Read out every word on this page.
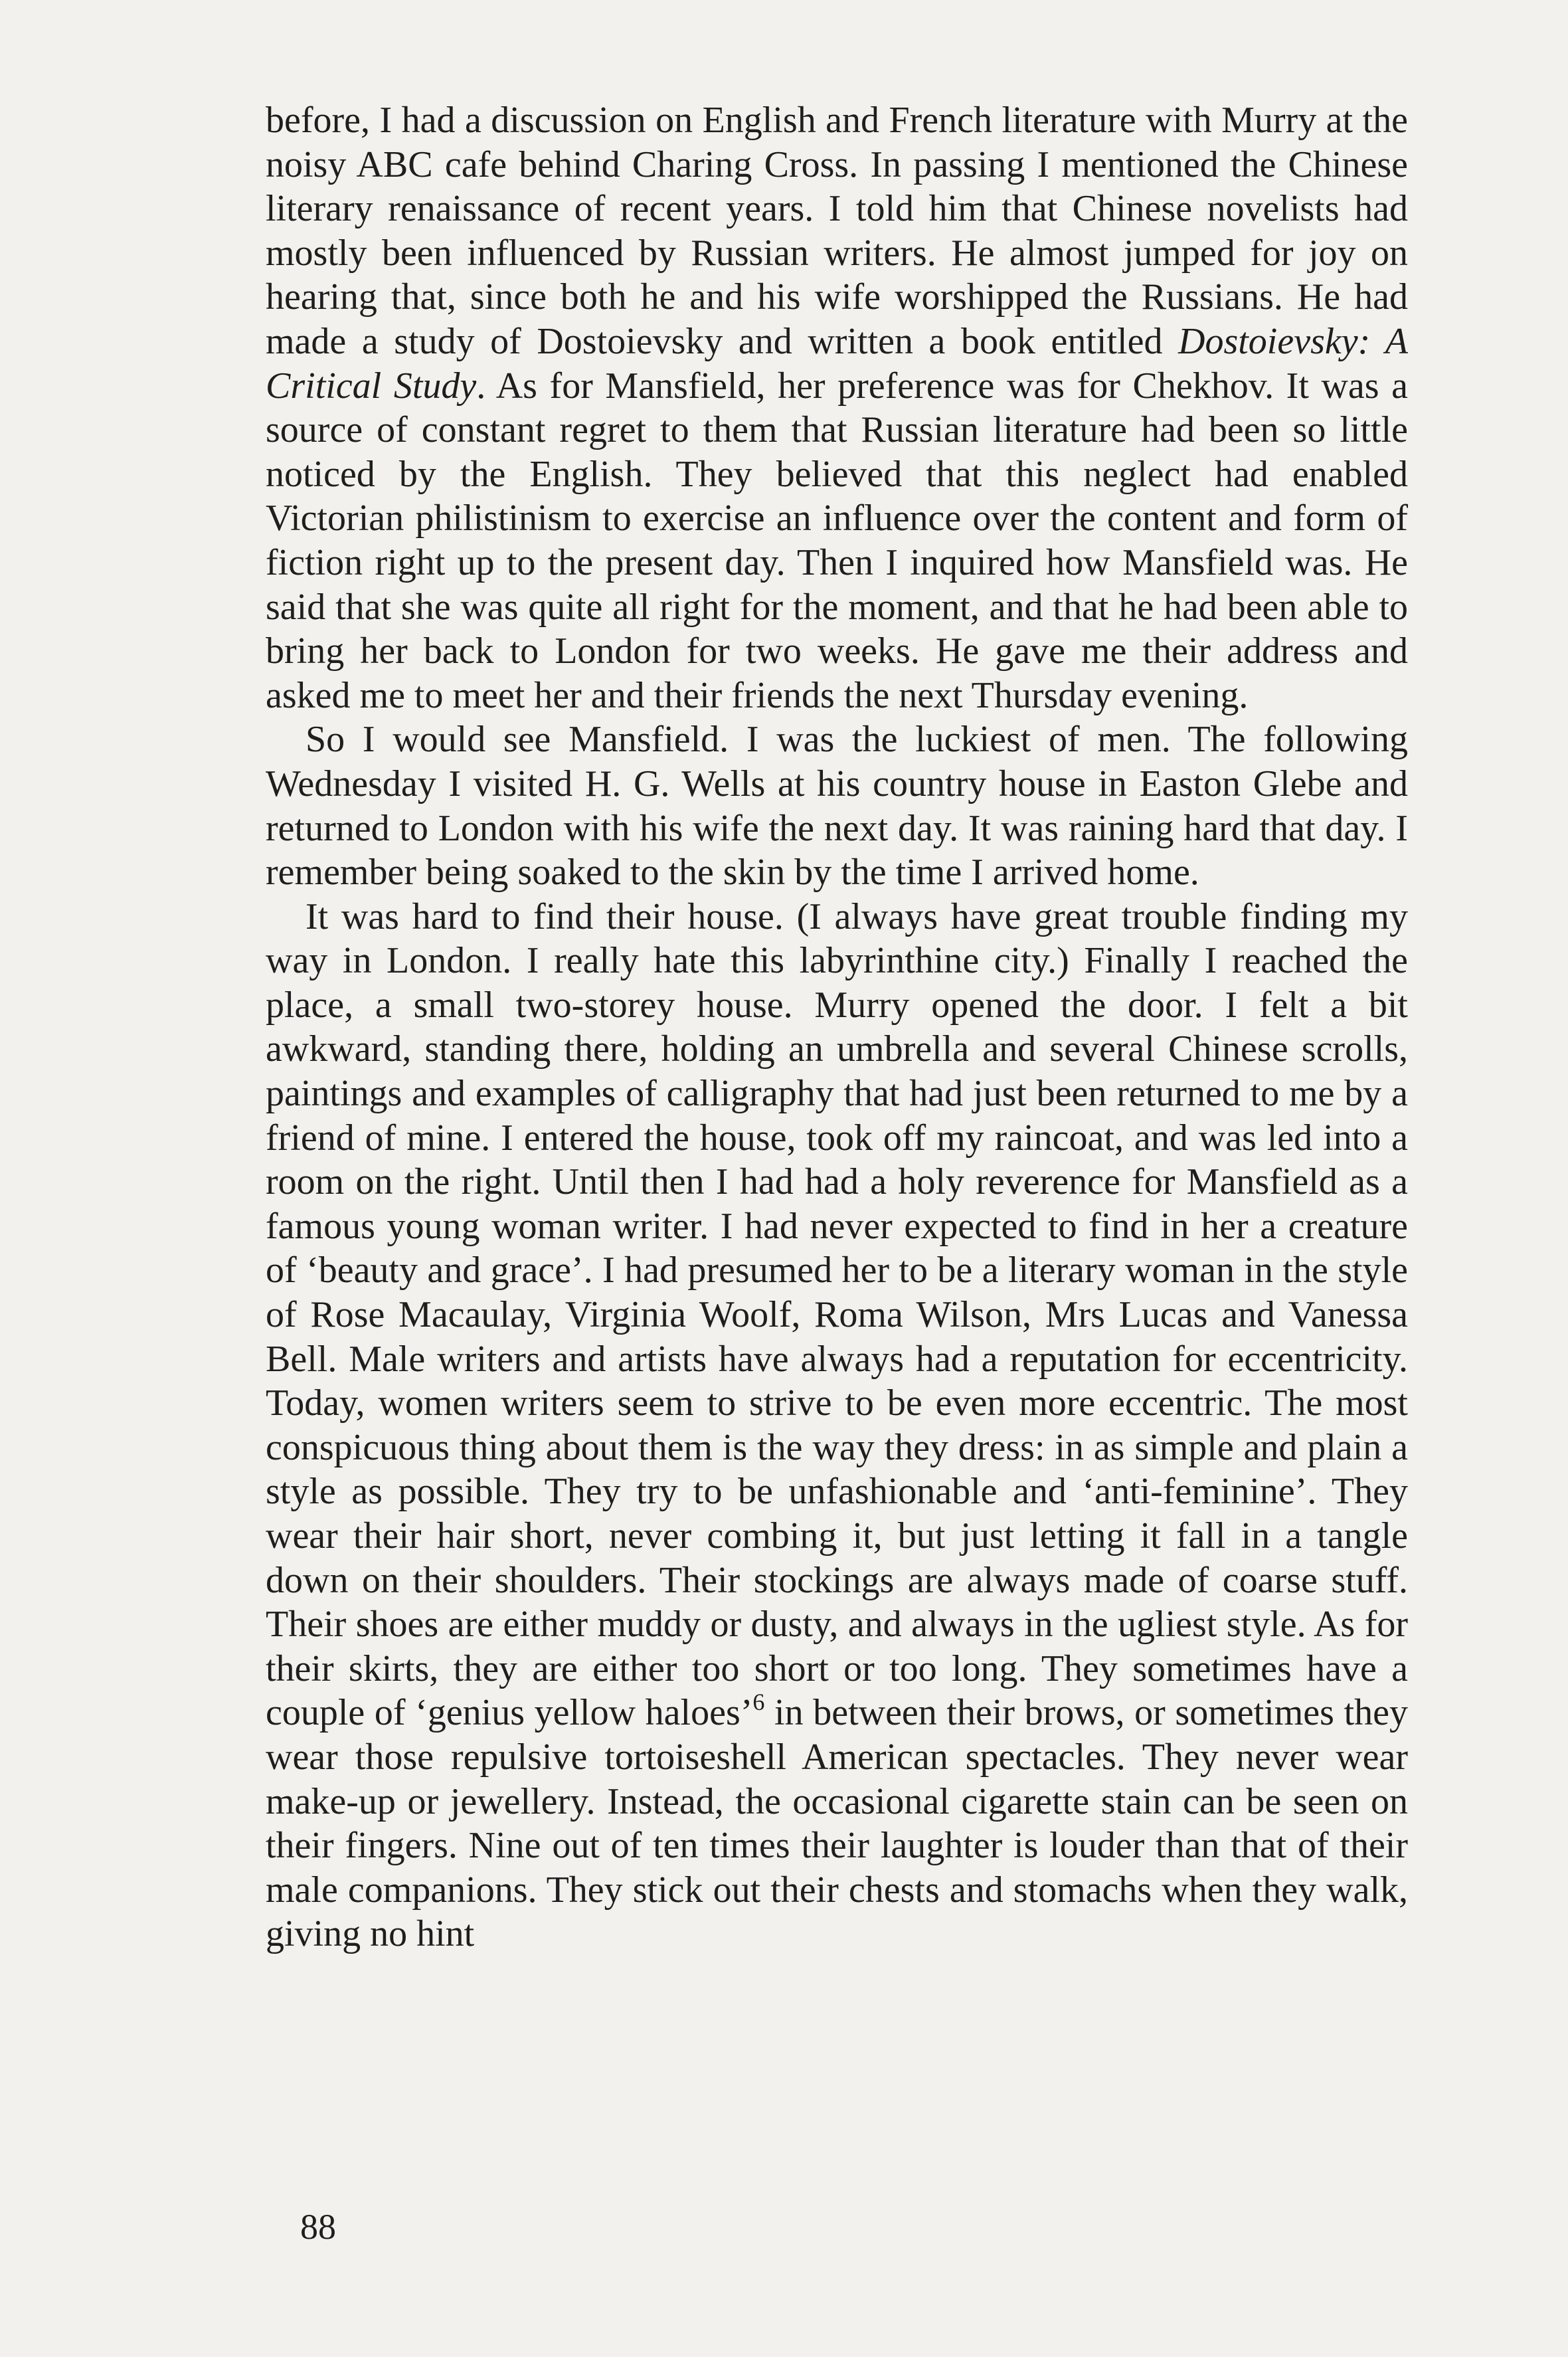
before, I had a discussion on English and French literature with Murry at the noisy ABC cafe behind Charing Cross. In passing I mentioned the Chinese literary renaissance of recent years. I told him that Chinese novelists had mostly been influenced by Russian writers. He almost jumped for joy on hearing that, since both he and his wife worshipped the Russians. He had made a study of Dostoievsky and written a book entitled Dostoievsky: A Critical Study. As for Mansfield, her preference was for Chekhov. It was a source of constant regret to them that Russian literature had been so little noticed by the English. They believed that this neglect had enabled Victorian philistinism to exercise an influence over the content and form of fiction right up to the present day. Then I inquired how Mansfield was. He said that she was quite all right for the moment, and that he had been able to bring her back to London for two weeks. He gave me their address and asked me to meet her and their friends the next Thursday evening.

So I would see Mansfield. I was the luckiest of men. The following Wednesday I visited H. G. Wells at his country house in Easton Glebe and returned to London with his wife the next day. It was raining hard that day. I remember being soaked to the skin by the time I arrived home.

It was hard to find their house. (I always have great trouble finding my way in London. I really hate this labyrinthine city.) Finally I reached the place, a small two-storey house. Murry opened the door. I felt a bit awkward, standing there, holding an umbrella and several Chinese scrolls, paintings and examples of calligraphy that had just been returned to me by a friend of mine. I entered the house, took off my raincoat, and was led into a room on the right. Until then I had had a holy reverence for Mansfield as a famous young woman writer. I had never expected to find in her a creature of ‘beauty and grace’. I had presumed her to be a literary woman in the style of Rose Macaulay, Virginia Woolf, Roma Wilson, Mrs Lucas and Vanessa Bell. Male writers and artists have always had a reputation for eccentricity. Today, women writers seem to strive to be even more eccentric. The most conspicuous thing about them is the way they dress: in as simple and plain a style as possible. They try to be unfashionable and ‘anti-feminine’. They wear their hair short, never combing it, but just letting it fall in a tangle down on their shoulders. Their stockings are always made of coarse stuff. Their shoes are either muddy or dusty, and always in the ugliest style. As for their skirts, they are either too short or too long. They sometimes have a couple of ‘genius yellow haloes’$^6$ in between their brows, or sometimes they wear those repulsive tortoiseshell American spectacles. They never wear make-up or jewellery. Instead, the occasional cigarette stain can be seen on their fingers. Nine out of ten times their laughter is louder than that of their male companions. They stick out their chests and stomachs when they walk, giving no hint

88
